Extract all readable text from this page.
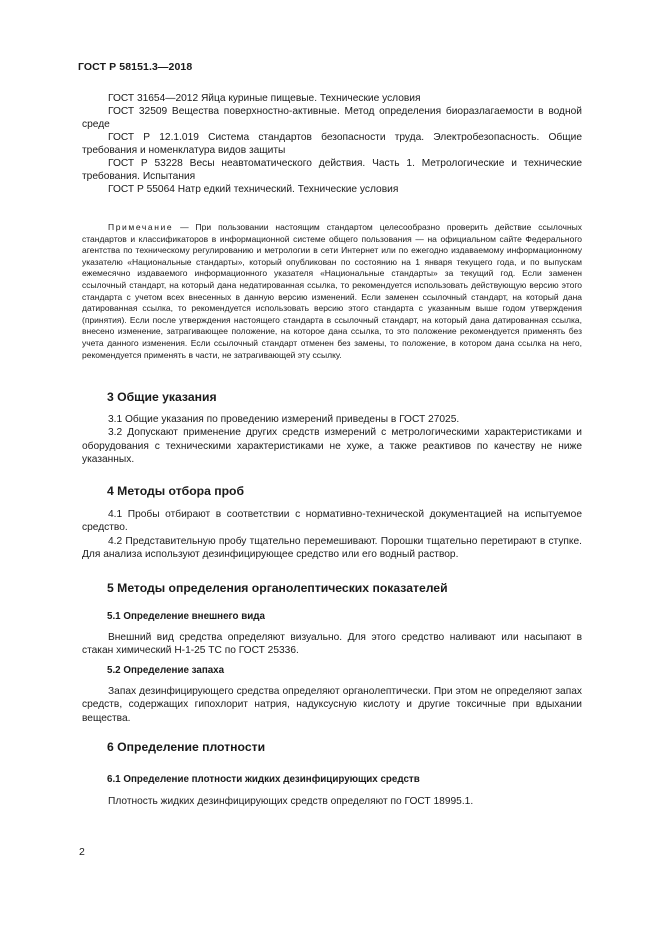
ГОСТ Р 58151.3—2018

ГОСТ 31654—2012 Яйца куриные пищевые. Технические условия

ГОСТ 32509 Вещества поверхностно-активные. Метод определения биоразлагаемости в водной среде

ГОСТ Р 12.1.019 Система стандартов безопасности труда. Электробезопасность. Общие требования и номенклатура видов защиты

ГОСТ Р 53228 Весы неавтоматического действия. Часть 1. Метрологические и технические требования. Испытания

ГОСТ Р 55064 Натр едкий технический. Технические условия

Примечание — При пользовании настоящим стандартом целесообразно проверить действие ссылочных стандартов и классификаторов в информационной системе общего пользования — на официальном сайте Федерального агентства по техническому регулированию и метрологии в сети Интернет или по ежегодно издаваемому информационному указателю «Национальные стандарты», который опубликован по состоянию на 1 января текущего года, и по выпускам ежемесячно издаваемого информационного указателя «Национальные стандарты» за текущий год. Если заменен ссылочный стандарт, на который дана недатированная ссылка, то рекомендуется использовать действующую версию этого стандарта с учетом всех внесенных в данную версию изменений. Если заменен ссылочный стандарт, на который дана датированная ссылка, то рекомендуется использовать версию этого стандарта с указанным выше годом утверждения (принятия). Если после утверждения настоящего стандарта в ссылочный стандарт, на который дана датированная ссылка, внесено изменение, затрагивающее положение, на которое дана ссылка, то это положение рекомендуется применять без учета данного изменения. Если ссылочный стандарт отменен без замены, то положение, в котором дана ссылка на него, рекомендуется применять в части, не затрагивающей эту ссылку.

3 Общие указания

3.1 Общие указания по проведению измерений приведены в ГОСТ 27025.

3.2 Допускают применение других средств измерений с метрологическими характеристиками и оборудования с техническими характеристиками не хуже, а также реактивов по качеству не ниже указанных.

4 Методы отбора проб

4.1 Пробы отбирают в соответствии с нормативно-технической документацией на испытуемое средство.

4.2 Представительную пробу тщательно перемешивают. Порошки тщательно перетирают в ступке. Для анализа используют дезинфицирующее средство или его водный раствор.

5 Методы определения органолептических показателей
5.1 Определение внешнего вида

Внешний вид средства определяют визуально. Для этого средство наливают или насыпают в стакан химический Н-1-25 ТС по ГОСТ 25336.

5.2 Определение запаха

Запах дезинфицирующего средства определяют органолептически. При этом не определяют запах средств, содержащих гипохлорит натрия, надуксусную кислоту и другие токсичные при вдыхании вещества.

6 Определение плотности
6.1 Определение плотности жидких дезинфицирующих средств

Плотность жидких дезинфицирующих средств определяют по ГОСТ 18995.1.

2
